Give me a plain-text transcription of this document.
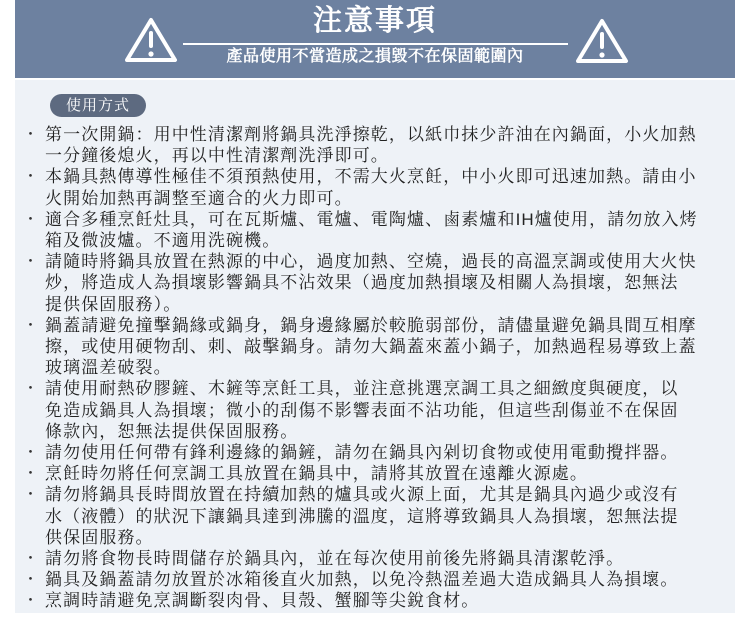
注意事項
產品使用不當造成之損毀不在保固範圍內
使用方式
・ 第一次開鍋：用中性清潔劑將鍋具洗淨擦乾，以紙巾抹少許油在內鍋面，小火加熱
一分鐘後熄火，再以中性清潔劑洗淨即可。
・ 本鍋具熱傳導性極佳不須預熱使用，不需大火烹飪，中小火即可迅速加熱。請由小
火開始加熱再調整至適合的火力即可。
・ 適合多種烹飪灶具，可在瓦斯爐、電爐、電陶爐、鹵素爐和IH爐使用，請勿放入烤
箱及微波爐。不適用洗碗機。
・ 請隨時將鍋具放置在熱源的中心，過度加熱、空燒，過長的高溫烹調或使用大火快
炒，將造成人為損壞影響鍋具不沾效果（過度加熱損壞及相關人為損壞，恕無法
提供保固服務）。
・ 鍋蓋請避免撞擊鍋緣或鍋身，鍋身邊緣屬於較脆弱部份，請儘量避免鍋具間互相摩
擦，或使用硬物刮、刺、敲擊鍋身。請勿大鍋蓋來蓋小鍋子，加熱過程易導致上蓋
玻璃溫差破裂。
・ 請使用耐熱矽膠鏟、木鏟等烹飪工具，並注意挑選烹調工具之細緻度與硬度，以
免造成鍋具人為損壞；微小的刮傷不影響表面不沾功能，但這些刮傷並不在保固
條款內，恕無法提供保固服務。
・ 請勿使用任何帶有鋒利邊緣的鍋鏟，請勿在鍋具內剁切食物或使用電動攪拌器。
・ 烹飪時勿將任何烹調工具放置在鍋具中，請將其放置在遠離火源處。
・ 請勿將鍋具長時間放置在持續加熱的爐具或火源上面，尤其是鍋具內過少或沒有
水（液體）的狀況下讓鍋具達到沸騰的溫度，這將導致鍋具人為損壞，恕無法提
供保固服務。
・ 請勿將食物長時間儲存於鍋具內，並在每次使用前後先將鍋具清潔乾淨。
・ 鍋具及鍋蓋請勿放置於冰箱後直火加熱，以免冷熱溫差過大造成鍋具人為損壞。
・ 烹調時請避免烹調斷裂肉骨、貝殼、蟹腳等尖銳食材。
